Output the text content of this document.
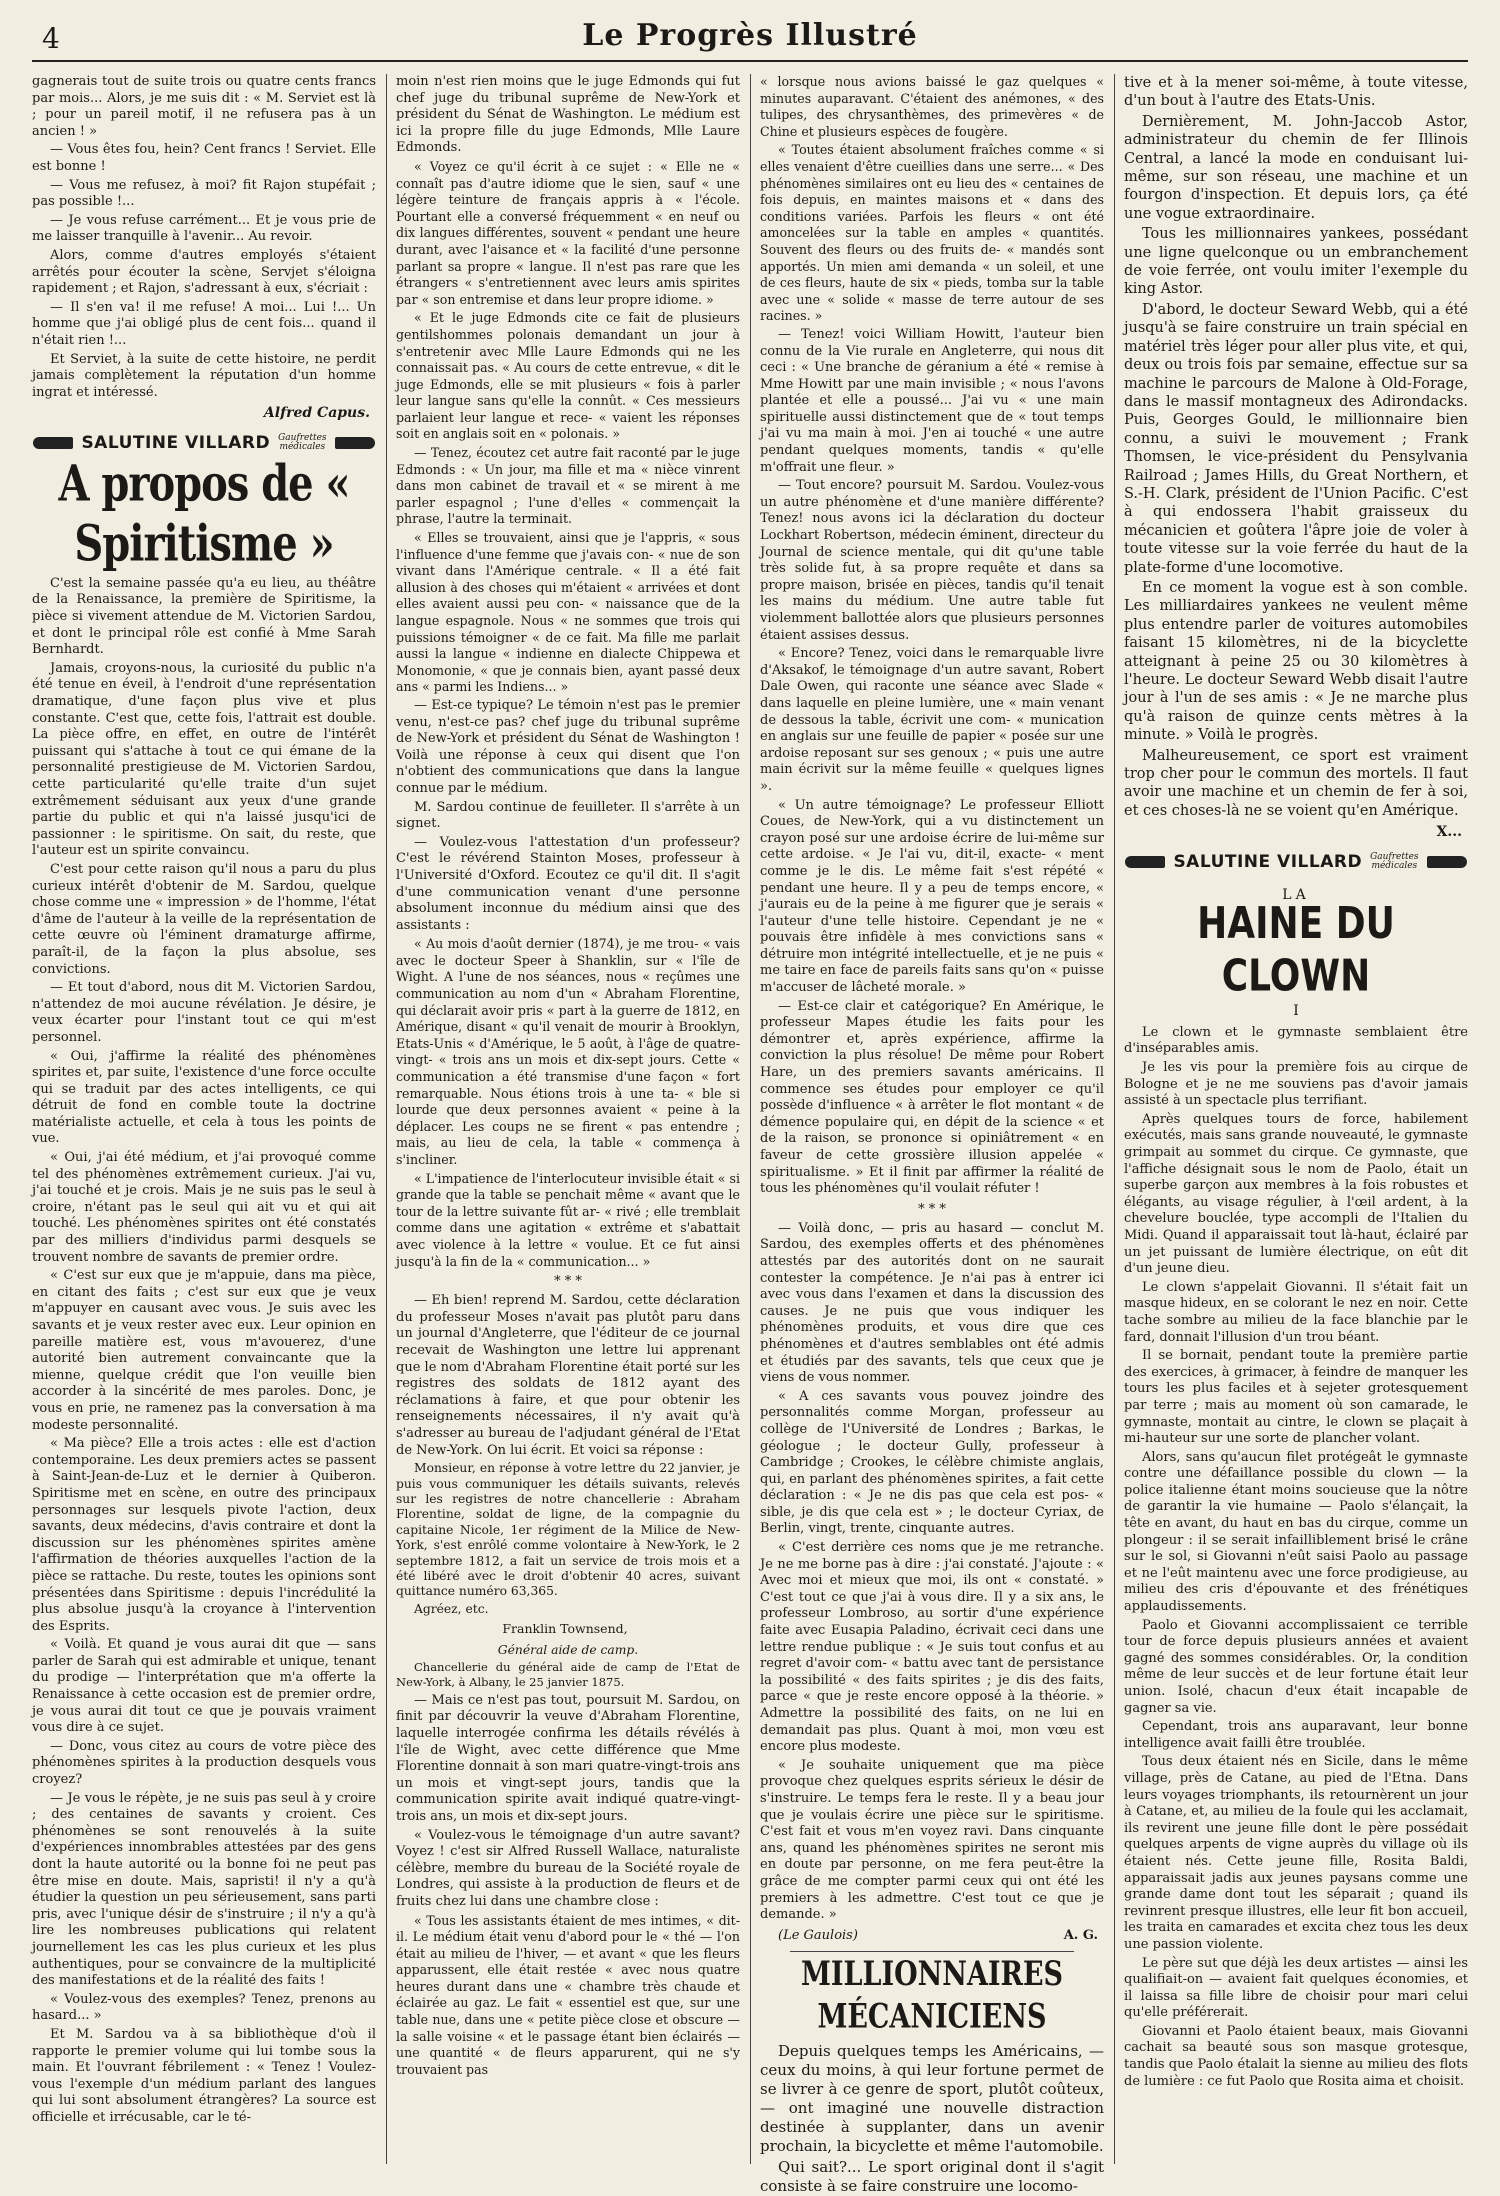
4	Le Progrès Illustré

gagnerais tout de suite trois ou quatre cents francs par mois... Alors, je me suis dit : « M. Serviet est là ; pour un pareil motif, il ne refusera pas à un ancien ! »

— Vous êtes fou, hein? Cent francs ! Serviet. Elle est bonne !

— Vous me refusez, à moi? fit Rajon stupéfait ; pas possible !...

— Je vous refuse carrément... Et je vous prie de me laisser tranquille à l'avenir... Au revoir.

Alors, comme d'autres employés s'étaient arrêtés pour écouter la scène, Servjet s'éloigna rapidement ; et Rajon, s'adressant à eux, s'écriait :

— Il s'en va! il me refuse! A moi... Lui !... Un homme que j'ai obligé plus de cent fois... quand il n'était rien !...

Et Serviet, à la suite de cette histoire, ne perdit jamais complètement la réputation d'un homme ingrat et intéressé.

Alfred Capus.

SALUTINE VILLARD Gaufrettes
médicales
A propos de « Spiritisme »

C'est la semaine passée qu'a eu lieu, au théâtre de la Renaissance, la première de Spiritisme, la pièce si vivement attendue de M. Victorien Sardou, et dont le principal rôle est confié à Mme Sarah Bernhardt.

Jamais, croyons-nous, la curiosité du public n'a été tenue en éveil, à l'endroit d'une représentation dramatique, d'une façon plus vive et plus constante. C'est que, cette fois, l'attrait est double. La pièce offre, en effet, en outre de l'intérêt puissant qui s'attache à tout ce qui émane de la personnalité prestigieuse de M. Victorien Sardou, cette particularité qu'elle traite d'un sujet extrêmement séduisant aux yeux d'une grande partie du public et qui n'a laissé jusqu'ici de passionner : le spiritisme. On sait, du reste, que l'auteur est un spirite convaincu.

C'est pour cette raison qu'il nous a paru du plus curieux intérêt d'obtenir de M. Sardou, quelque chose comme une « impression » de l'homme, l'état d'âme de l'auteur à la veille de la représentation de cette œuvre où l'éminent dramaturge affirme, paraît-il, de la façon la plus absolue, ses convictions.

— Et tout d'abord, nous dit M. Victorien Sardou, n'attendez de moi aucune révélation. Je désire, je veux écarter pour l'instant tout ce qui m'est personnel.

« Oui, j'affirme la réalité des phénomènes spirites et, par suite, l'existence d'une force occulte qui se traduit par des actes intelligents, ce qui détruit de fond en comble toute la doctrine matérialiste actuelle, et cela à tous les points de vue.

« Oui, j'ai été médium, et j'ai provoqué comme tel des phénomènes extrêmement curieux. J'ai vu, j'ai touché et je crois. Mais je ne suis pas le seul à croire, n'étant pas le seul qui ait vu et qui ait touché. Les phénomènes spirites ont été constatés par des milliers d'individus parmi desquels se trouvent nombre de savants de premier ordre.

« C'est sur eux que je m'appuie, dans ma pièce, en citant des faits ; c'est sur eux que je veux m'appuyer en causant avec vous. Je suis avec les savants et je veux rester avec eux. Leur opinion en pareille matière est, vous m'avouerez, d'une autorité bien autrement convaincante que la mienne, quelque crédit que l'on veuille bien accorder à la sincérité de mes paroles. Donc, je vous en prie, ne ramenez pas la conversation à ma modeste personnalité.

« Ma pièce? Elle a trois actes : elle est d'action contemporaine. Les deux premiers actes se passent à Saint-Jean-de-Luz et le dernier à Quiberon. Spiritisme met en scène, en outre des principaux personnages sur lesquels pivote l'action, deux savants, deux médecins, d'avis contraire et dont la discussion sur les phénomènes spirites amène l'affirmation de théories auxquelles l'action de la pièce se rattache. Du reste, toutes les opinions sont présentées dans Spiritisme : depuis l'incrédulité la plus absolue jusqu'à la croyance à l'intervention des Esprits.

« Voilà. Et quand je vous aurai dit que — sans parler de Sarah qui est admirable et unique, tenant du prodige — l'interprétation que m'a offerte la Renaissance à cette occasion est de premier ordre, je vous aurai dit tout ce que je pouvais vraiment vous dire à ce sujet.

— Donc, vous citez au cours de votre pièce des phénomènes spirites à la production desquels vous croyez?

— Je vous le répète, je ne suis pas seul à y croire ; des centaines de savants y croient. Ces phénomènes se sont renouvelés à la suite d'expériences innombrables attestées par des gens dont la haute autorité ou la bonne foi ne peut pas être mise en doute. Mais, sapristi! il n'y a qu'à étudier la question un peu sérieusement, sans parti pris, avec l'unique désir de s'instruire ; il n'y a qu'à lire les nombreuses publications qui relatent journellement les cas les plus curieux et les plus authentiques, pour se convaincre de la multiplicité des manifestations et de la réalité des faits !

« Voulez-vous des exemples? Tenez, prenons au hasard... »

Et M. Sardou va à sa bibliothèque d'où il rapporte le premier volume qui lui tombe sous la main. Et l'ouvrant fébrilement : « Tenez ! Voulez-vous l'exemple d'un médium parlant des langues qui lui sont absolument étrangères? La source est officielle et irrécusable, car le té-

moin n'est rien moins que le juge Edmonds qui fut chef juge du tribunal suprême de New-York et président du Sénat de Washington. Le médium est ici la propre fille du juge Edmonds, Mlle Laure Edmonds.

« Voyez ce qu'il écrit à ce sujet : « Elle ne « connaît pas d'autre idiome que le sien, sauf « une légère teinture de français appris à « l'école. Pourtant elle a conversé fréquemment « en neuf ou dix langues différentes, souvent « pendant une heure durant, avec l'aisance et « la facilité d'une personne parlant sa propre « langue. Il n'est pas rare que les étrangers « s'entretiennent avec leurs amis spirites par « son entremise et dans leur propre idiome. »

« Et le juge Edmonds cite ce fait de plusieurs gentilshommes polonais demandant un jour à s'entretenir avec Mlle Laure Edmonds qui ne les connaissait pas. « Au cours de cette entrevue, « dit le juge Edmonds, elle se mit plusieurs « fois à parler leur langue sans qu'elle la connût. « Ces messieurs parlaient leur langue et rece- « vaient les réponses soit en anglais soit en « polonais. »

— Tenez, écoutez cet autre fait raconté par le juge Edmonds : « Un jour, ma fille et ma « nièce vinrent dans mon cabinet de travail et « se mirent à me parler espagnol ; l'une d'elles « commençait la phrase, l'autre la terminait.

« Elles se trouvaient, ainsi que je l'appris, « sous l'influence d'une femme que j'avais con- « nue de son vivant dans l'Amérique centrale. « Il a été fait allusion à des choses qui m'étaient « arrivées et dont elles avaient aussi peu con- « naissance que de la langue espagnole. Nous « ne sommes que trois qui puissions témoigner « de ce fait. Ma fille me parlait aussi la langue « indienne en dialecte Chippewa et Monomonie, « que je connais bien, ayant passé deux ans « parmi les Indiens... »

— Est-ce typique? Le témoin n'est pas le premier venu, n'est-ce pas? chef juge du tribunal suprême de New-York et président du Sénat de Washington ! Voilà une réponse à ceux qui disent que l'on n'obtient des communications que dans la langue connue par le médium.

M. Sardou continue de feuilleter. Il s'arrête à un signet.

— Voulez-vous l'attestation d'un professeur? C'est le révérend Stainton Moses, professeur à l'Université d'Oxford. Ecoutez ce qu'il dit. Il s'agit d'une communication venant d'une personne absolument inconnue du médium ainsi que des assistants :

« Au mois d'août dernier (1874), je me trou- « vais avec le docteur Speer à Shanklin, sur « l'île de Wight. A l'une de nos séances, nous « reçûmes une communication au nom d'un « Abraham Florentine, qui déclarait avoir pris « part à la guerre de 1812, en Amérique, disant « qu'il venait de mourir à Brooklyn, Etats-Unis « d'Amérique, le 5 août, à l'âge de quatre-vingt- « trois ans un mois et dix-sept jours. Cette « communication a été transmise d'une façon « fort remarquable. Nous étions trois à une ta- « ble si lourde que deux personnes avaient « peine à la déplacer. Les coups ne se firent « pas entendre ; mais, au lieu de cela, la table « commença à s'incliner.

« L'impatience de l'interlocuteur invisible était « si grande que la table se penchait même « avant que le tour de la lettre suivante fût ar- « rivé ; elle tremblait comme dans une agitation « extrême et s'abattait avec violence à la lettre « voulue. Et ce fut ainsi jusqu'à la fin de la « communication... »

* * *

— Eh bien! reprend M. Sardou, cette déclaration du professeur Moses n'avait pas plutôt paru dans un journal d'Angleterre, que l'éditeur de ce journal recevait de Washington une lettre lui apprenant que le nom d'Abraham Florentine était porté sur les registres des soldats de 1812 ayant des réclamations à faire, et que pour obtenir les renseignements nécessaires, il n'y avait qu'à s'adresser au bureau de l'adjudant général de l'Etat de New-York. On lui écrit. Et voici sa réponse :

Monsieur, en réponse à votre lettre du 22 janvier, je puis vous communiquer les détails suivants, relevés sur les registres de notre chancellerie : Abraham Florentine, soldat de ligne, de la compagnie du capitaine Nicole, 1er régiment de la Milice de New-York, s'est enrôlé comme volontaire à New-York, le 2 septembre 1812, a fait un service de trois mois et a été libéré avec le droit d'obtenir 40 acres, suivant quittance numéro 63,365.

Agréez, etc.

Franklin Townsend,

Général aide de camp.

Chancellerie du général aide de camp de l'Etat de New-York, à Albany, le 25 janvier 1875.

— Mais ce n'est pas tout, poursuit M. Sardou, on finit par découvrir la veuve d'Abraham Florentine, laquelle interrogée confirma les détails révélés à l'île de Wight, avec cette différence que Mme Florentine donnait à son mari quatre-vingt-trois ans un mois et vingt-sept jours, tandis que la communication spirite avait indiqué quatre-vingt-trois ans, un mois et dix-sept jours.

« Voulez-vous le témoignage d'un autre savant? Voyez ! c'est sir Alfred Russell Wallace, naturaliste célèbre, membre du bureau de la Société royale de Londres, qui assiste à la production de fleurs et de fruits chez lui dans une chambre close :

« Tous les assistants étaient de mes intimes, « dit-il. Le médium était venu d'abord pour le « thé — l'on était au milieu de l'hiver, — et avant « que les fleurs apparussent, elle était restée « avec nous quatre heures durant dans une « chambre très chaude et éclairée au gaz. Le fait « essentiel est que, sur une table nue, dans une « petite pièce close et obscure — la salle voisine « et le passage étant bien éclairés — une quantité « de fleurs apparurent, qui ne s'y trouvaient pas

« lorsque nous avions baissé le gaz quelques « minutes auparavant. C'étaient des anémones, « des tulipes, des chrysanthèmes, des primevères « de Chine et plusieurs espèces de fougère.

« Toutes étaient absolument fraîches comme « si elles venaient d'être cueillies dans une serre... « Des phénomènes similaires ont eu lieu des « centaines de fois depuis, en maintes maisons et « dans des conditions variées. Parfois les fleurs « ont été amoncelées sur la table en amples « quantités. Souvent des fleurs ou des fruits de- « mandés sont apportés. Un mien ami demanda « un soleil, et une de ces fleurs, haute de six « pieds, tomba sur la table avec une « solide « masse de terre autour de ses racines. »

— Tenez! voici William Howitt, l'auteur bien connu de la Vie rurale en Angleterre, qui nous dit ceci : « Une branche de géranium a été « remise à Mme Howitt par une main invisible ; « nous l'avons plantée et elle a poussé... J'ai vu « une main spirituelle aussi distinctement que de « tout temps j'ai vu ma main à moi. J'en ai touché « une autre pendant quelques moments, tandis « qu'elle m'offrait une fleur. »

— Tout encore? poursuit M. Sardou. Voulez-vous un autre phénomène et d'une manière différente? Tenez! nous avons ici la déclaration du docteur Lockhart Robertson, médecin éminent, directeur du Journal de science mentale, qui dit qu'une table très solide fut, à sa propre requête et dans sa propre maison, brisée en pièces, tandis qu'il tenait les mains du médium. Une autre table fut violemment ballottée alors que plusieurs personnes étaient assises dessus.

« Encore? Tenez, voici dans le remarquable livre d'Aksakof, le témoignage d'un autre savant, Robert Dale Owen, qui raconte une séance avec Slade « dans laquelle en pleine lumière, une « main venant de dessous la table, écrivit une com- « munication en anglais sur une feuille de papier « posée sur une ardoise reposant sur ses genoux ; « puis une autre main écrivit sur la même feuille « quelques lignes ».

« Un autre témoignage? Le professeur Elliott Coues, de New-York, qui a vu distinctement un crayon posé sur une ardoise écrire de lui-même sur cette ardoise. « Je l'ai vu, dit-il, exacte- « ment comme je le dis. Le même fait s'est répété « pendant une heure. Il y a peu de temps encore, « j'aurais eu de la peine à me figurer que je serais « l'auteur d'une telle histoire. Cependant je ne « pouvais être infidèle à mes convictions sans « détruire mon intégrité intellectuelle, et je ne puis « me taire en face de pareils faits sans qu'on « puisse m'accuser de lâcheté morale. »

— Est-ce clair et catégorique? En Amérique, le professeur Mapes étudie les faits pour les démontrer et, après expérience, affirme la conviction la plus résolue! De même pour Robert Hare, un des premiers savants américains. Il commence ses études pour employer ce qu'il possède d'influence « à arrêter le flot montant « de démence populaire qui, en dépit de la science « et de la raison, se prononce si opiniâtrement « en faveur de cette grossière illusion appelée « spiritualisme. » Et il finit par affirmer la réalité de tous les phénomènes qu'il voulait réfuter !

* * *

— Voilà donc, — pris au hasard — conclut M. Sardou, des exemples offerts et des phénomènes attestés par des autorités dont on ne saurait contester la compétence. Je n'ai pas à entrer ici avec vous dans l'examen et dans la discussion des causes. Je ne puis que vous indiquer les phénomènes produits, et vous dire que ces phénomènes et d'autres semblables ont été admis et étudiés par des savants, tels que ceux que je viens de vous nommer.

« A ces savants vous pouvez joindre des personnalités comme Morgan, professeur au collège de l'Université de Londres ; Barkas, le géologue ; le docteur Gully, professeur à Cambridge ; Crookes, le célèbre chimiste anglais, qui, en parlant des phénomènes spirites, a fait cette déclaration : « Je ne dis pas que cela est pos- « sible, je dis que cela est » ; le docteur Cyriax, de Berlin, vingt, trente, cinquante autres.

« C'est derrière ces noms que je me retranche. Je ne me borne pas à dire : j'ai constaté. J'ajoute : « Avec moi et mieux que moi, ils ont « constaté. » C'est tout ce que j'ai à vous dire. Il y a six ans, le professeur Lombroso, au sortir d'une expérience faite avec Eusapia Paladino, écrivait ceci dans une lettre rendue publique : « Je suis tout confus et au regret d'avoir com- « battu avec tant de persistance la possibilité « des faits spirites ; je dis des faits, parce « que je reste encore opposé à la théorie. » Admettre la possibilité des faits, on ne lui en demandait pas plus. Quant à moi, mon vœu est encore plus modeste.

« Je souhaite uniquement que ma pièce provoque chez quelques esprits sérieux le désir de s'instruire. Le temps fera le reste. Il y a beau jour que je voulais écrire une pièce sur le spiritisme. C'est fait et vous m'en voyez ravi. Dans cinquante ans, quand les phénomènes spirites ne seront mis en doute par personne, on me fera peut-être la grâce de me compter parmi ceux qui ont été les premiers à les admettre. C'est tout ce que je demande. »

(Le Gaulois)	A. G.
MILLIONNAIRES MÉCANICIENS

Depuis quelques temps les Américains, — ceux du moins, à qui leur fortune permet de se livrer à ce genre de sport, plutôt coûteux, — ont imaginé une nouvelle distraction destinée à supplanter, dans un avenir prochain, la bicyclette et même l'automobile.

Qui sait?... Le sport original dont il s'agit consiste à se faire construire une locomo-

tive et à la mener soi-même, à toute vitesse, d'un bout à l'autre des Etats-Unis.

Dernièrement, M. John-Jaccob Astor, administrateur du chemin de fer Illinois Central, a lancé la mode en conduisant lui-même, sur son réseau, une machine et un fourgon d'inspection. Et depuis lors, ça été une vogue extraordinaire.

Tous les millionnaires yankees, possédant une ligne quelconque ou un embranchement de voie ferrée, ont voulu imiter l'exemple du king Astor.

D'abord, le docteur Seward Webb, qui a été jusqu'à se faire construire un train spécial en matériel très léger pour aller plus vite, et qui, deux ou trois fois par semaine, effectue sur sa machine le parcours de Malone à Old-Forage, dans le massif montagneux des Adirondacks. Puis, Georges Gould, le millionnaire bien connu, a suivi le mouvement ; Frank Thomsen, le vice-président du Pensylvania Railroad ; James Hills, du Great Northern, et S.-H. Clark, président de l'Union Pacific. C'est à qui endossera l'habit graisseux du mécanicien et goûtera l'âpre joie de voler à toute vitesse sur la voie ferrée du haut de la plate-forme d'une locomotive.

En ce moment la vogue est à son comble. Les milliardaires yankees ne veulent même plus entendre parler de voitures automobiles faisant 15 kilomètres, ni de la bicyclette atteignant à peine 25 ou 30 kilomètres à l'heure. Le docteur Seward Webb disait l'autre jour à l'un de ses amis : « Je ne marche plus qu'à raison de quinze cents mètres à la minute. » Voilà le progrès.

Malheureusement, ce sport est vraiment trop cher pour le commun des mortels. Il faut avoir une machine et un chemin de fer à soi, et ces choses-là ne se voient qu'en Amérique.

X...

SALUTINE VILLARD Gaufrettes
médicales
LA
HAINE DU CLOWN
I

Le clown et le gymnaste semblaient être d'inséparables amis.

Je les vis pour la première fois au cirque de Bologne et je ne me souviens pas d'avoir jamais assisté à un spectacle plus terrifiant.

Après quelques tours de force, habilement exécutés, mais sans grande nouveauté, le gymnaste grimpait au sommet du cirque. Ce gymnaste, que l'affiche désignait sous le nom de Paolo, était un superbe garçon aux membres à la fois robustes et élégants, au visage régulier, à l'œil ardent, à la chevelure bouclée, type accompli de l'Italien du Midi. Quand il apparaissait tout là-haut, éclairé par un jet puissant de lumière électrique, on eût dit d'un jeune dieu.

Le clown s'appelait Giovanni. Il s'était fait un masque hideux, en se colorant le nez en noir. Cette tache sombre au milieu de la face blanchie par le fard, donnait l'illusion d'un trou béant.

Il se bornait, pendant toute la première partie des exercices, à grimacer, à feindre de manquer les tours les plus faciles et à sejeter grotesquement par terre ; mais au moment où son camarade, le gymnaste, montait au cintre, le clown se plaçait à mi-hauteur sur une sorte de plancher volant.

Alors, sans qu'aucun filet protégeât le gymnaste contre une défaillance possible du clown — la police italienne étant moins soucieuse que la nôtre de garantir la vie humaine — Paolo s'élançait, la tête en avant, du haut en bas du cirque, comme un plongeur : il se serait infailliblement brisé le crâne sur le sol, si Giovanni n'eût saisi Paolo au passage et ne l'eût maintenu avec une force prodigieuse, au milieu des cris d'épouvante et des frénétiques applaudissements.

Paolo et Giovanni accomplissaient ce terrible tour de force depuis plusieurs années et avaient gagné des sommes considérables. Or, la condition même de leur succès et de leur fortune était leur union. Isolé, chacun d'eux était incapable de gagner sa vie.

Cependant, trois ans auparavant, leur bonne intelligence avait failli être troublée.

Tous deux étaient nés en Sicile, dans le même village, près de Catane, au pied de l'Etna. Dans leurs voyages triomphants, ils retournèrent un jour à Catane, et, au milieu de la foule qui les acclamait, ils revirent une jeune fille dont le père possédait quelques arpents de vigne auprès du village où ils étaient nés. Cette jeune fille, Rosita Baldi, apparaissait jadis aux jeunes paysans comme une grande dame dont tout les séparait ; quand ils revinrent presque illustres, elle leur fit bon accueil, les traita en camarades et excita chez tous les deux une passion violente.

Le père sut que déjà les deux artistes — ainsi les qualifiait-on — avaient fait quelques économies, et il laissa sa fille libre de choisir pour mari celui qu'elle préférerait.

Giovanni et Paolo étaient beaux, mais Giovanni cachait sa beauté sous son masque grotesque, tandis que Paolo étalait la sienne au milieu des flots de lumière : ce fut Paolo que Rosita aima et choisit.
